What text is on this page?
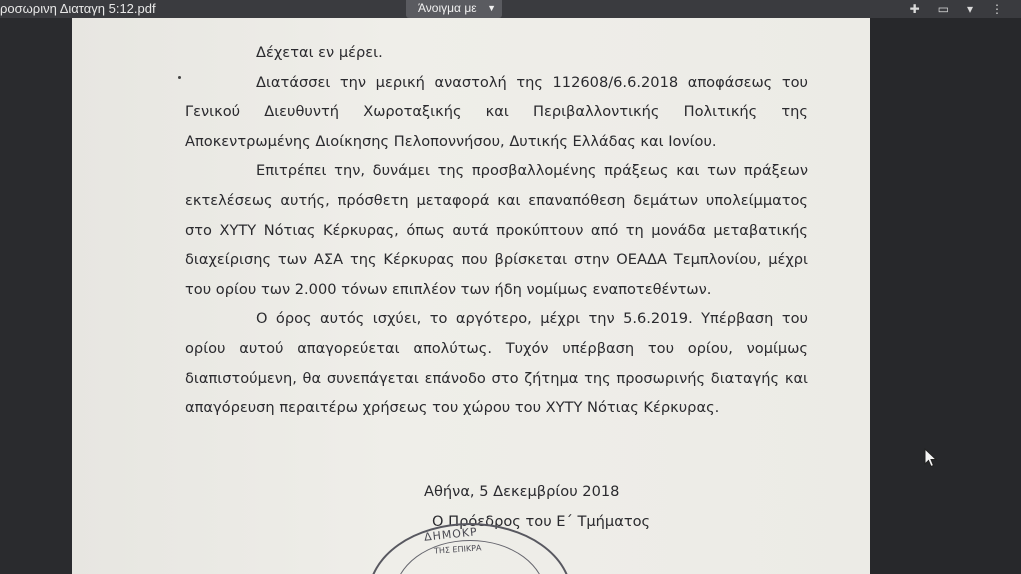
ροσωρινη Διαταγη 5:12.pdf	Άνοιγμα με ▼	✚ ▭ ▾ ⋮

Δέχεται εν μέρει.

Διατάσσει την μερική αναστολή της 112608/6.6.2018 αποφάσεως του Γενικού Διευθυντή Χωροταξικής και Περιβαλλοντικής Πολιτικής της Αποκεντρωμένης Διοίκησης Πελοποννήσου, Δυτικής Ελλάδας και Ιονίου.

Επιτρέπει την, δυνάμει της προσβαλλομένης πράξεως και των πράξεων εκτελέσεως αυτής, πρόσθετη μεταφορά και επαναπόθεση δεμάτων υπολείμματος στο ΧΥΤΥ Νότιας Κέρκυρας, όπως αυτά προκύπτουν από τη μονάδα μεταβατικής διαχείρισης των ΑΣΑ της Κέρκυρας που βρίσκεται στην ΟΕΑΔΑ Τεμπλονίου, μέχρι του ορίου των 2.000 τόνων επιπλέον των ήδη νομίμως εναποτεθέντων.

Ο όρος αυτός ισχύει, το αργότερο, μέχρι την 5.6.2019. Υπέρβαση του ορίου αυτού απαγορεύεται απολύτως. Τυχόν υπέρβαση του ορίου, νομίμως διαπιστούμενη, θα συνεπάγεται επάνοδο στο ζήτημα της προσωρινής διαταγής και απαγόρευση περαιτέρω χρήσεως του χώρου του ΧΥΤΥ Νότιας Κέρκυρας.

Αθήνα, 5 Δεκεμβρίου 2018
Ο Πρόεδρος του Ε΄ Τμήματος
ΔΗΜΟΚΡ
ΤΗΣ ΕΠΙΚΡΑ
